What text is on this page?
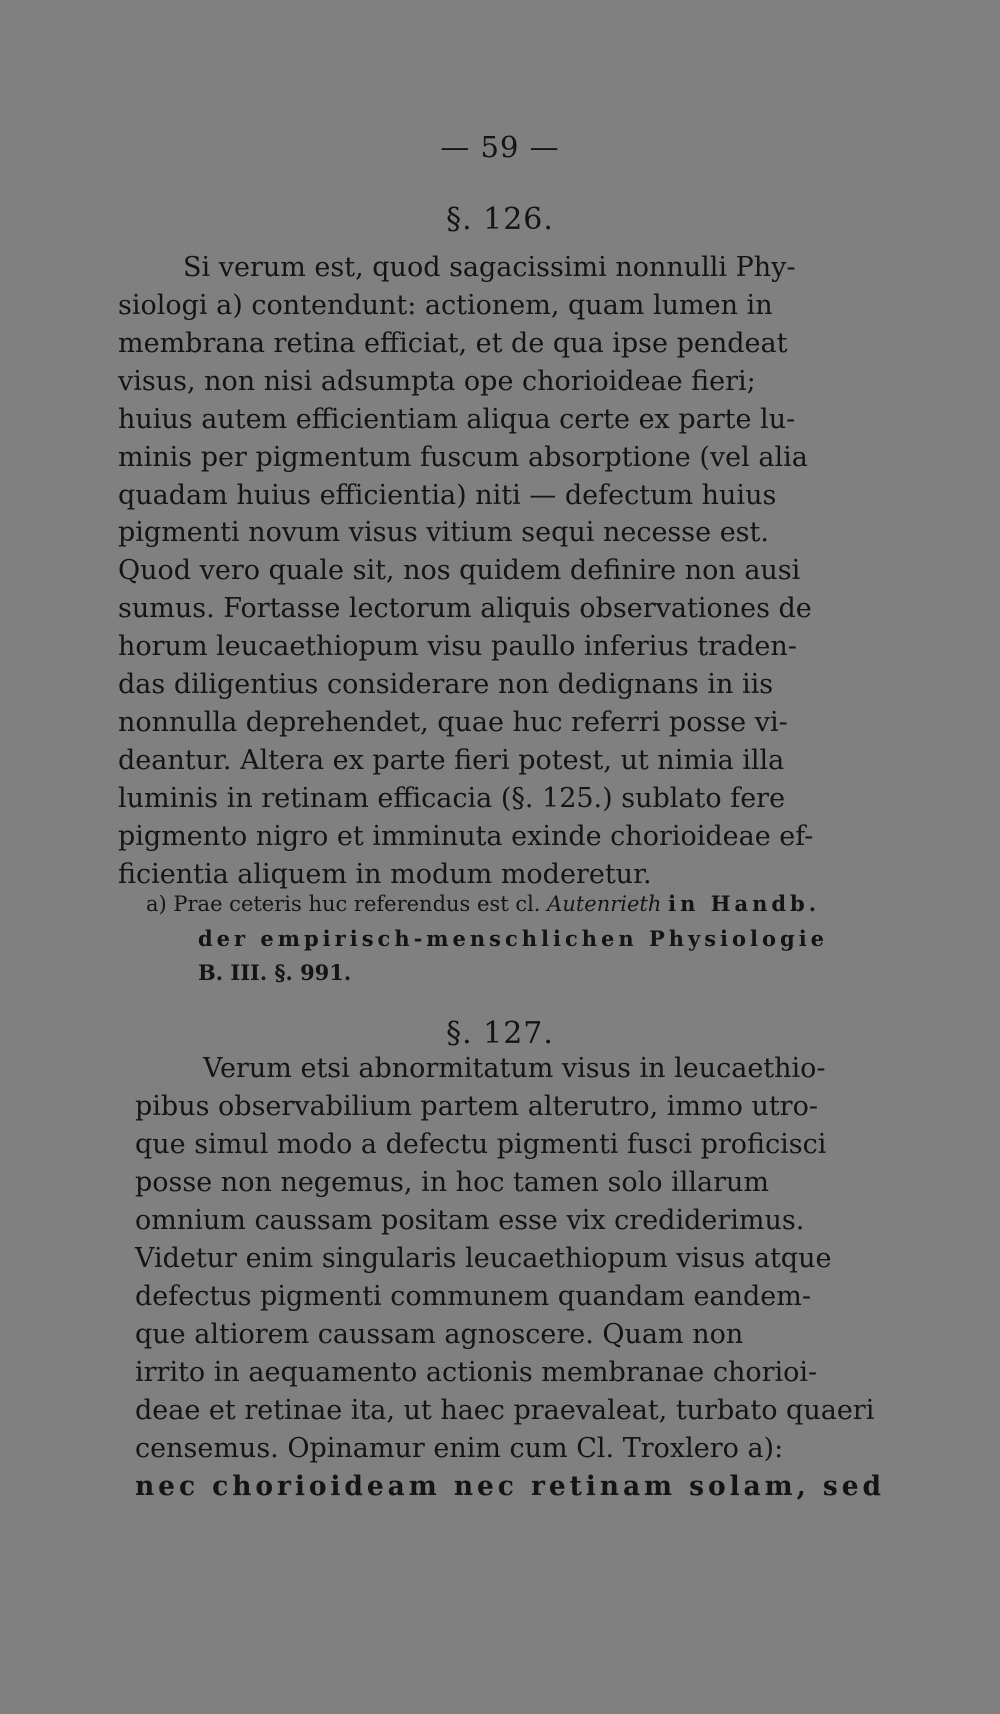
— 59 —
§. 126.
Si verum est, quod sagacissimi nonnulli Phy-
siologi a) contendunt: actionem, quam lumen in
membrana retina efficiat, et de qua ipse pendeat
visus, non nisi adsumpta ope chorioideae fieri;
huius autem efficientiam aliqua certe ex parte lu-
minis per pigmentum fuscum absorptione (vel alia
quadam huius efficientia) niti — defectum huius
pigmenti novum visus vitium sequi necesse est.
Quod vero quale sit, nos quidem definire non ausi
sumus. Fortasse lectorum aliquis observationes de
horum leucaethiopum visu paullo inferius traden-
das diligentius considerare non dedignans in iis
nonnulla deprehendet, quae huc referri posse vi-
deantur. Altera ex parte fieri potest, ut nimia illa
luminis in retinam efficacia (§. 125.) sublato fere
pigmento nigro et imminuta exinde chorioideae ef-
ficientia aliquem in modum moderetur.
a) Prae ceteris huc referendus est cl. Autenrieth in Handb.
der empirisch-menschlichen Physiologie
B. III. §. 991.
§. 127.
Verum etsi abnormitatum visus in leucaethio-
pibus observabilium partem alterutro, immo utro-
que simul modo a defectu pigmenti fusci proficisci
posse non negemus, in hoc tamen solo illarum
omnium caussam positam esse vix crediderimus.
Videtur enim singularis leucaethiopum visus atque
defectus pigmenti communem quandam eandem-
que altiorem caussam agnoscere. Quam non
irrito in aequamento actionis membranae chorioi-
deae et retinae ita, ut haec praevaleat, turbato quaeri
censemus. Opinamur enim cum Cl. Troxlero a):
nec chorioideam nec retinam solam, sed
